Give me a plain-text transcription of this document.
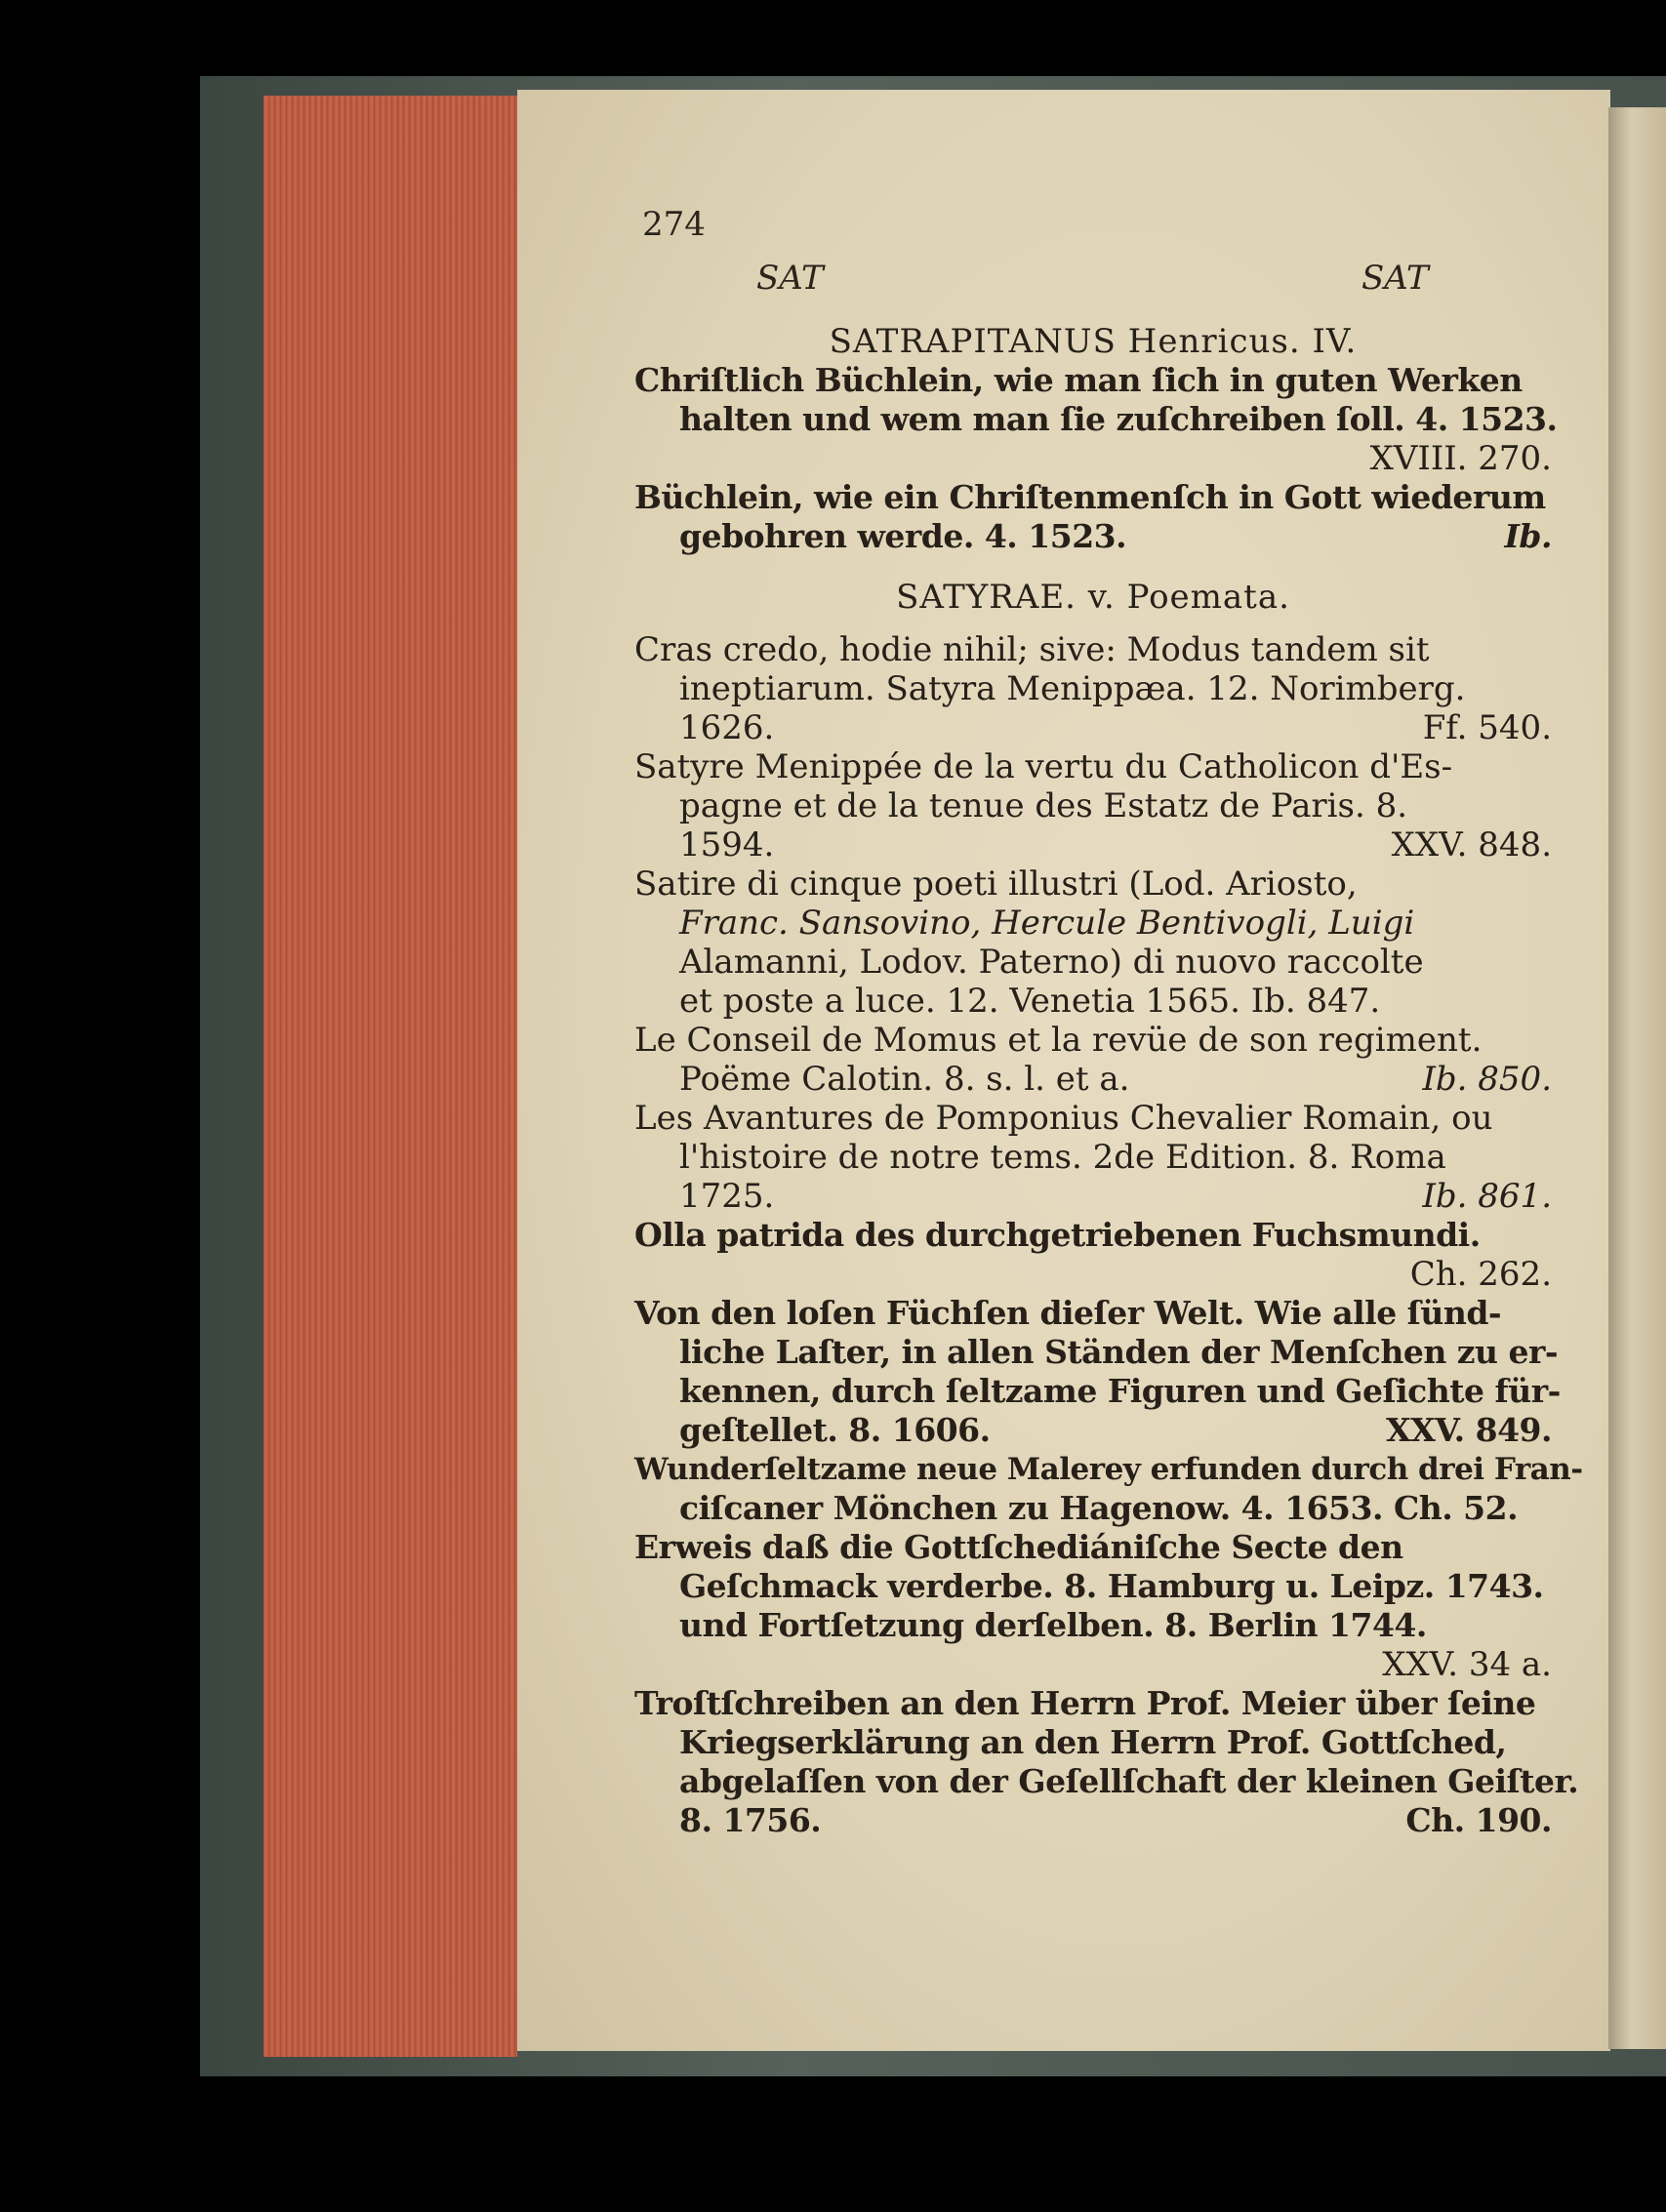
274
SAT	SAT
SATRAPITANUS Henricus. IV.
Chriſtlich Büchlein, wie man ſich in guten Werken
halten und wem man ſie zuſchreiben ſoll. 4. 1523.
XVIII. 270.
Büchlein, wie ein Chriſtenmenſch in Gott wiederum
gebohren werde. 4. 1523.	Ib.
SATYRAE. v. Poemata.
Cras credo, hodie nihil; sive: Modus tandem sit
ineptiarum. Satyra Menippæa. 12. Norimberg.
1626.	Ff. 540.
Satyre Menippée de la vertu du Catholicon d'Es-
pagne et de la tenue des Estatz de Paris. 8.
1594.	XXV. 848.
Satire di cinque poeti illustri (Lod. Ariosto,
Franc. Sansovino, Hercule Bentivogli, Luigi
Alamanni, Lodov. Paterno) di nuovo raccolte
et poste a luce. 12. Venetia 1565. Ib. 847.
Le Conseil de Momus et la revüe de son regiment.
Poëme Calotin. 8. s. l. et a.	Ib. 850.
Les Avantures de Pomponius Chevalier Romain, ou
l'histoire de notre tems. 2de Edition. 8. Roma
1725.	Ib. 861.
Olla patrida des durchgetriebenen Fuchsmundi.
Ch. 262.
Von den loſen Füchſen dieſer Welt. Wie alle ſünd-
liche Laſter, in allen Ständen der Menſchen zu er-
kennen, durch ſeltzame Figuren und Geſichte für-
geſtellet. 8. 1606.	XXV. 849.
Wunderſeltzame neue Malerey erfunden durch drei Fran-
ciſcaner Mönchen zu Hagenow. 4. 1653. Ch. 52.
Erweis daß die Gottſchediániſche Secte den
Geſchmack verderbe. 8. Hamburg u. Leipz. 1743.
und Fortſetzung derſelben. 8. Berlin 1744.
XXV. 34 a.
Troſtſchreiben an den Herrn Prof. Meier über ſeine
Kriegserklärung an den Herrn Prof. Gottſched,
abgelaſſen von der Geſellſchaft der kleinen Geiſter.
8. 1756.	Ch. 190.
